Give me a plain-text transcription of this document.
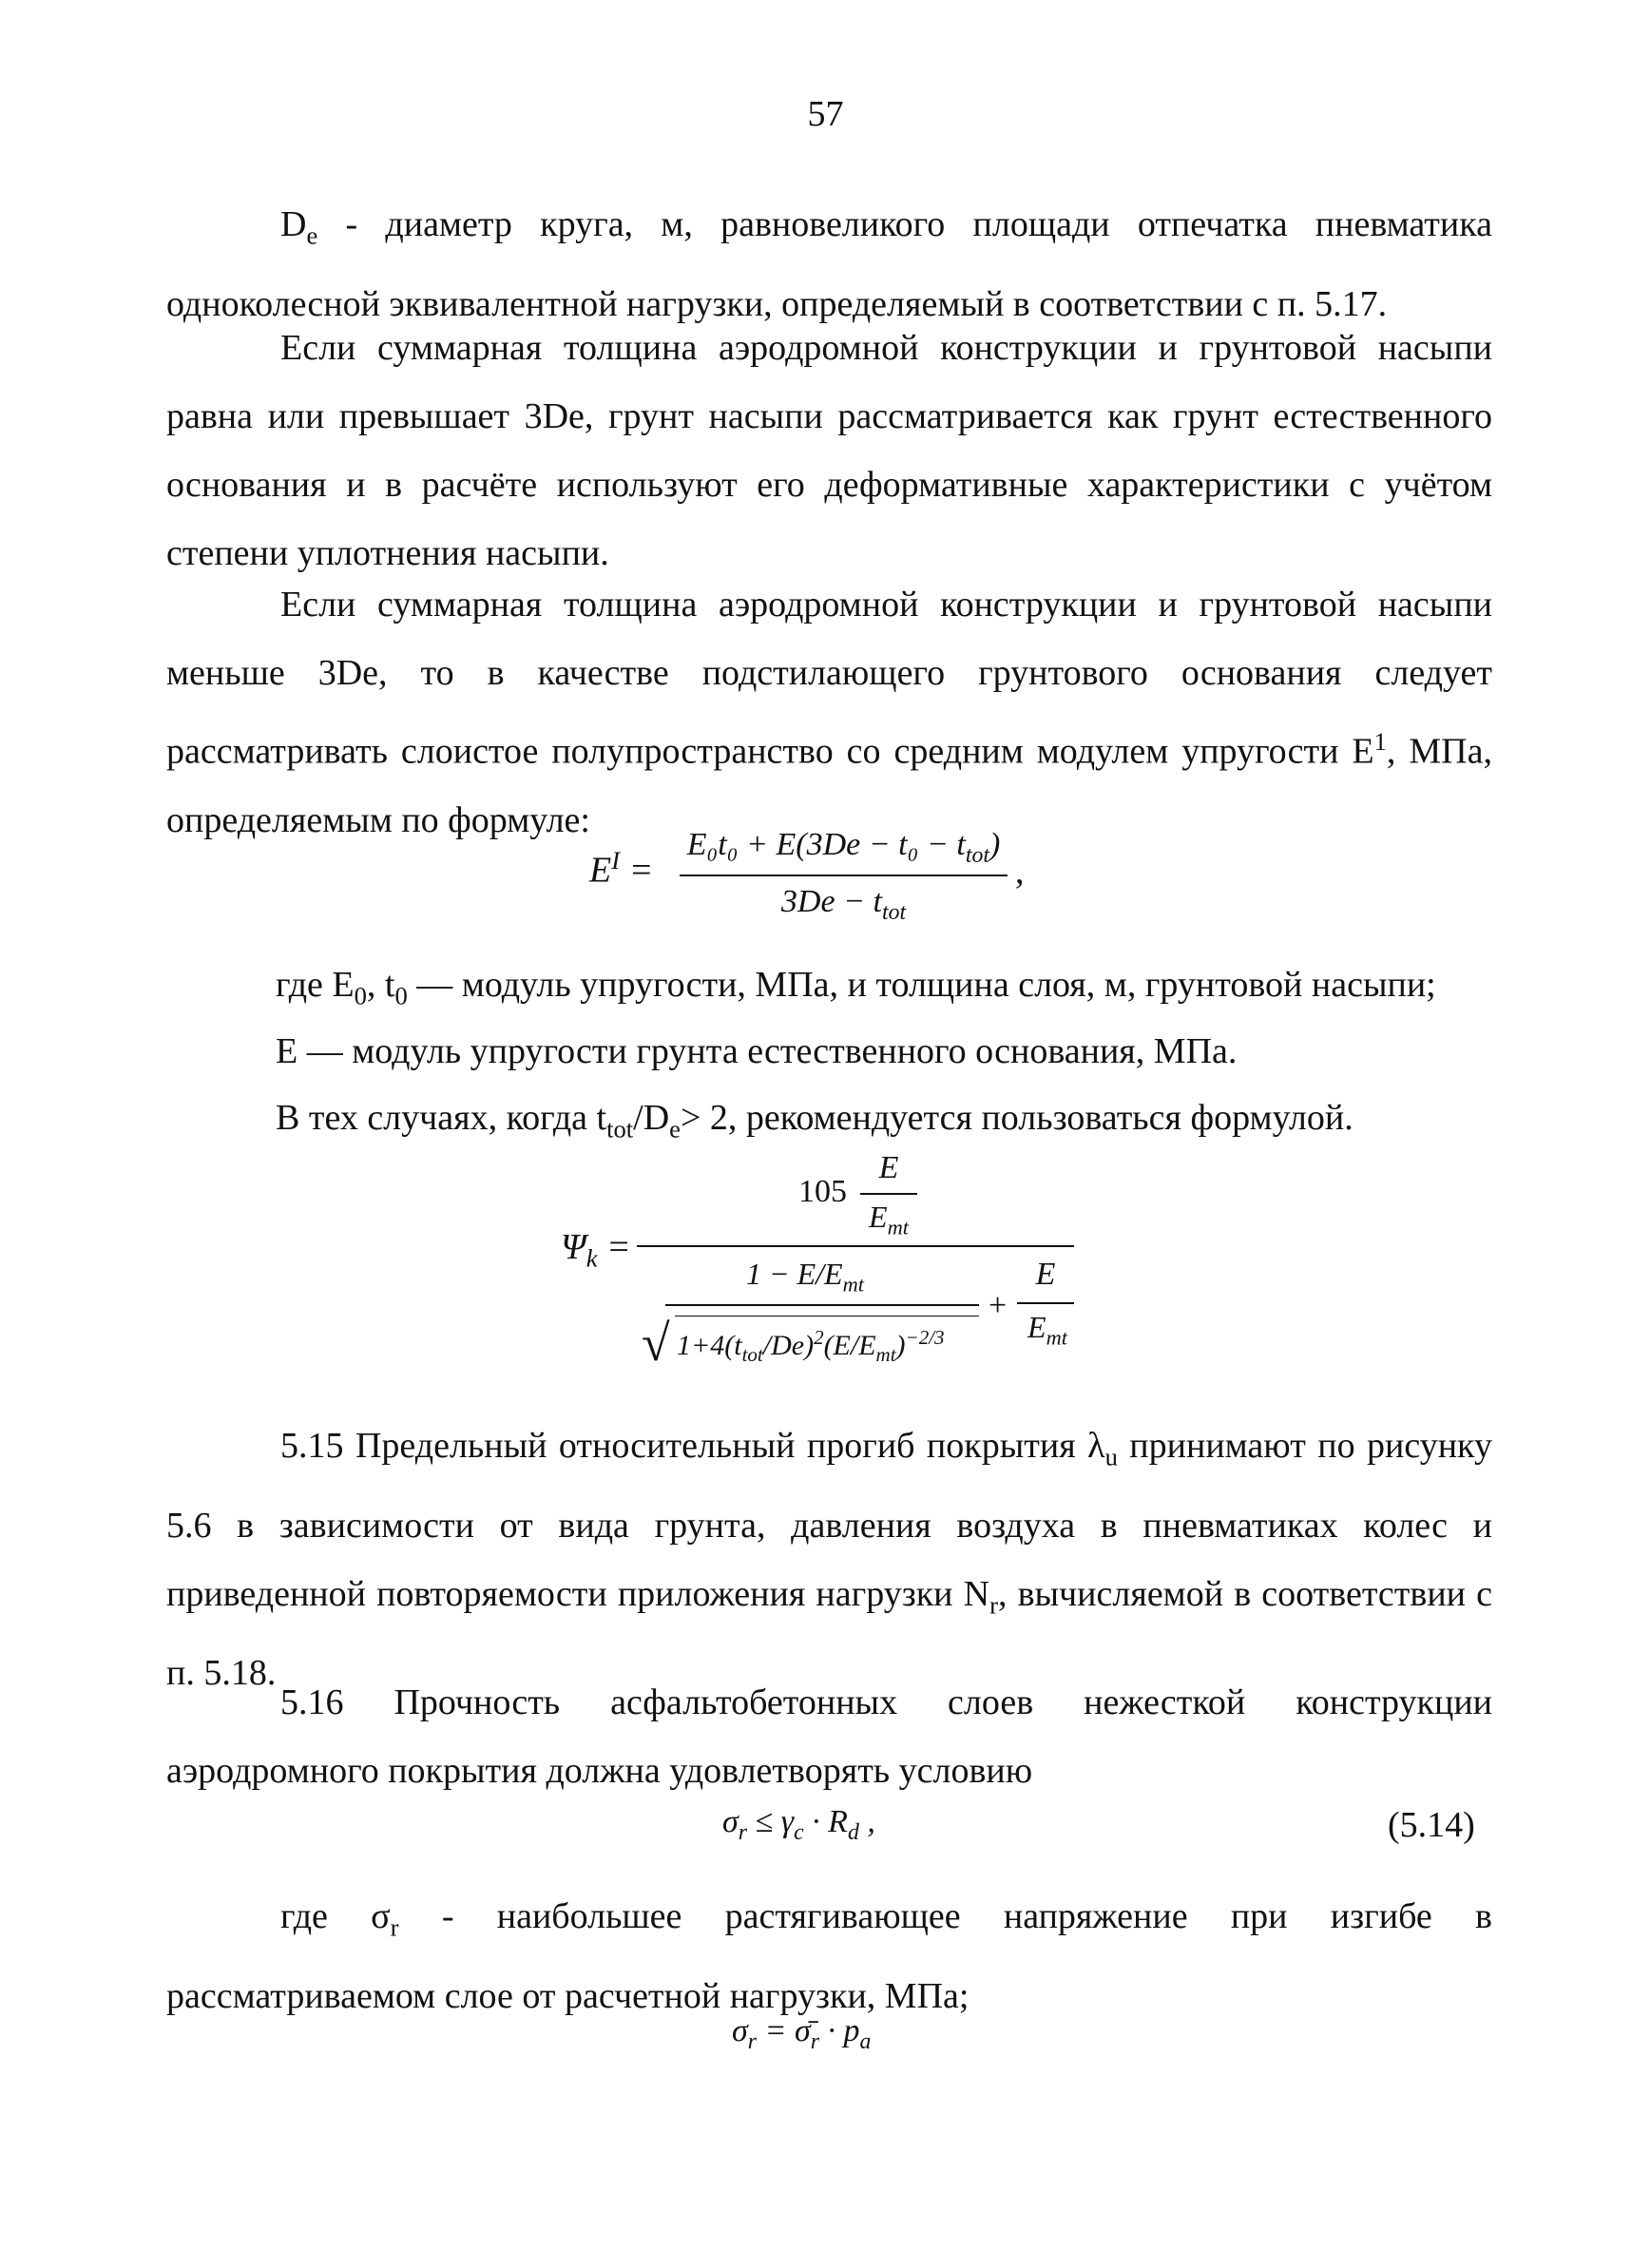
57
$D_e$ - диаметр круга, м, равновеликого площади отпечатка пневматика одноколесной эквивалентной нагрузки, определяемый в соответствии с п. 5.17.
Если суммарная толщина аэродромной конструкции и грунтовой насыпи равна или превышает 3De, грунт насыпи рассматривается как грунт естественного основания и в расчёте используют его деформативные характеристики с учётом степени уплотнения насыпи.
Если суммарная толщина аэродромной конструкции и грунтовой насыпи меньше 3De, то в качестве подстилающего грунтового основания следует рассматривать слоистое полупространство со средним модулем упругости $E^1$, МПа, определяемым по формуле:
$E^I$ =
$E_0t_0 + E(3De - t_0 - t_{tot})$
$3De - t_{tot}$
,
где $E_0$, $t_0$ — модуль упругости, МПа, и толщина слоя, м, грунтовой насыпи;
E — модуль упругости грунта естественного основания, МПа.
В тех случаях, когда $t_{tot}/D_e> 2$, рекомендуется пользоваться формулой.
$\Psi_k$ =
105
E
$E_{mt}$
$1 - E/E_{mt}$
√ $1+4(t_{tot}/De)^2(E/E_{mt})^{-2/3}$
+
E
$E_{mt}$
5.15 Предельный относительный прогиб покрытия $\lambda_u$ принимают по рисунку 5.6 в зависимости от вида грунта, давления воздуха в пневматиках колес и приведенной повторяемости приложения нагрузки $N_r$, вычисляемой в соответствии с п. 5.18.
5.16 Прочность асфальтобетонных слоев нежесткой конструкции аэродромного покрытия должна удовлетворять условию
$\sigma_r \le \gamma_c \cdot R_d$ ,	(5.14)
где $\sigma_r$ - наибольшее растягивающее напряжение при изгибе в рассматриваемом слое от расчетной нагрузки, МПа;
$\sigma_r$ = $\sigmā_r \cdot p_a$
